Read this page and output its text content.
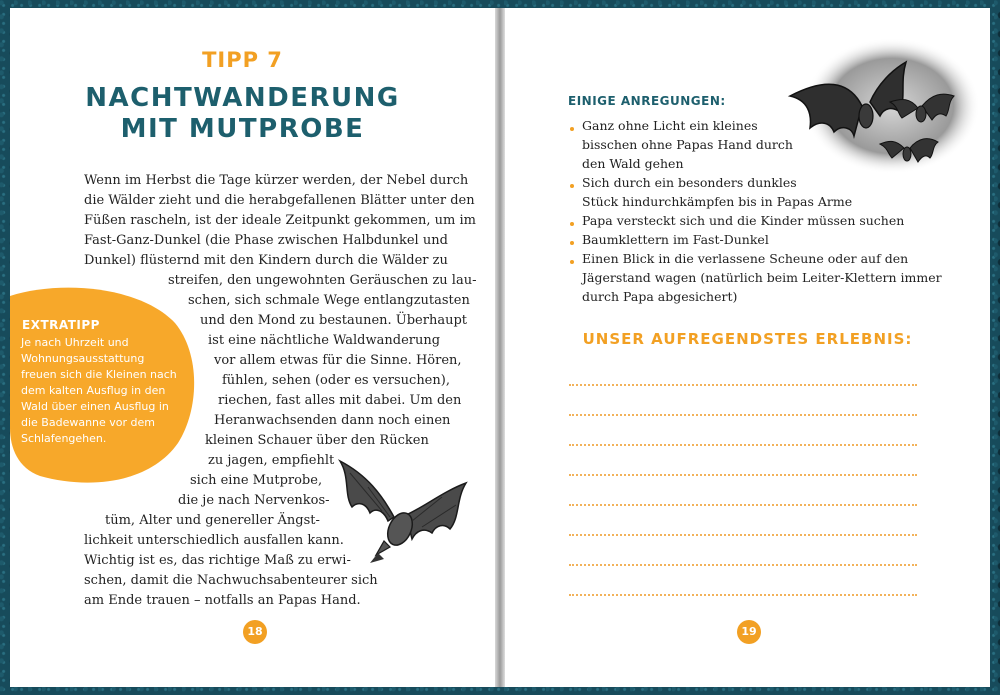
TIPP 7
NACHTWANDERUNG
MIT MUTPROBE
EXTRATIPP
Je nach Uhrzeit und
Wohnungsausstattung
freuen sich die Kleinen nach
dem kalten Ausflug in den
Wald über einen Ausflug in
die Badewanne vor dem
Schlafengehen.
Wenn im Herbst die Tage kürzer werden, der Nebel durch
die Wälder zieht und die herabgefallenen Blätter unter den
Füßen rascheln, ist der ideale Zeitpunkt gekommen, um im
Fast-Ganz-Dunkel (die Phase zwischen Halbdunkel und
Dunkel) flüsternd mit den Kindern durch die Wälder zu
streifen, den ungewohnten Geräuschen zu lau-
schen, sich schmale Wege entlangzutasten
und den Mond zu bestaunen. Überhaupt
ist eine nächtliche Waldwanderung
vor allem etwas für die Sinne. Hören,
fühlen, sehen (oder es versuchen),
riechen, fast alles mit dabei. Um den
Heranwachsenden dann noch einen
kleinen Schauer über den Rücken
zu jagen, empfiehlt
sich eine Mutprobe,
die je nach Nervenkos-
tüm, Alter und genereller Ängst-
lichkeit unterschiedlich ausfallen kann.
Wichtig ist es, das richtige Maß zu erwi-
schen, damit die Nachwuchsabenteurer sich
am Ende trauen – notfalls an Papas Hand.
18
EINIGE ANREGUNGEN:
Ganz ohne Licht ein kleines
bisschen ohne Papas Hand durch
den Wald gehen
Sich durch ein besonders dunkles
Stück hindurchkämpfen bis in Papas Arme
Papa versteckt sich und die Kinder müssen suchen
Baumklettern im Fast-Dunkel
Einen Blick in die verlassene Scheune oder auf den
Jägerstand wagen (natürlich beim Leiter-Klettern immer
durch Papa abgesichert)
UNSER AUFREGENDSTES ERLEBNIS:
19
